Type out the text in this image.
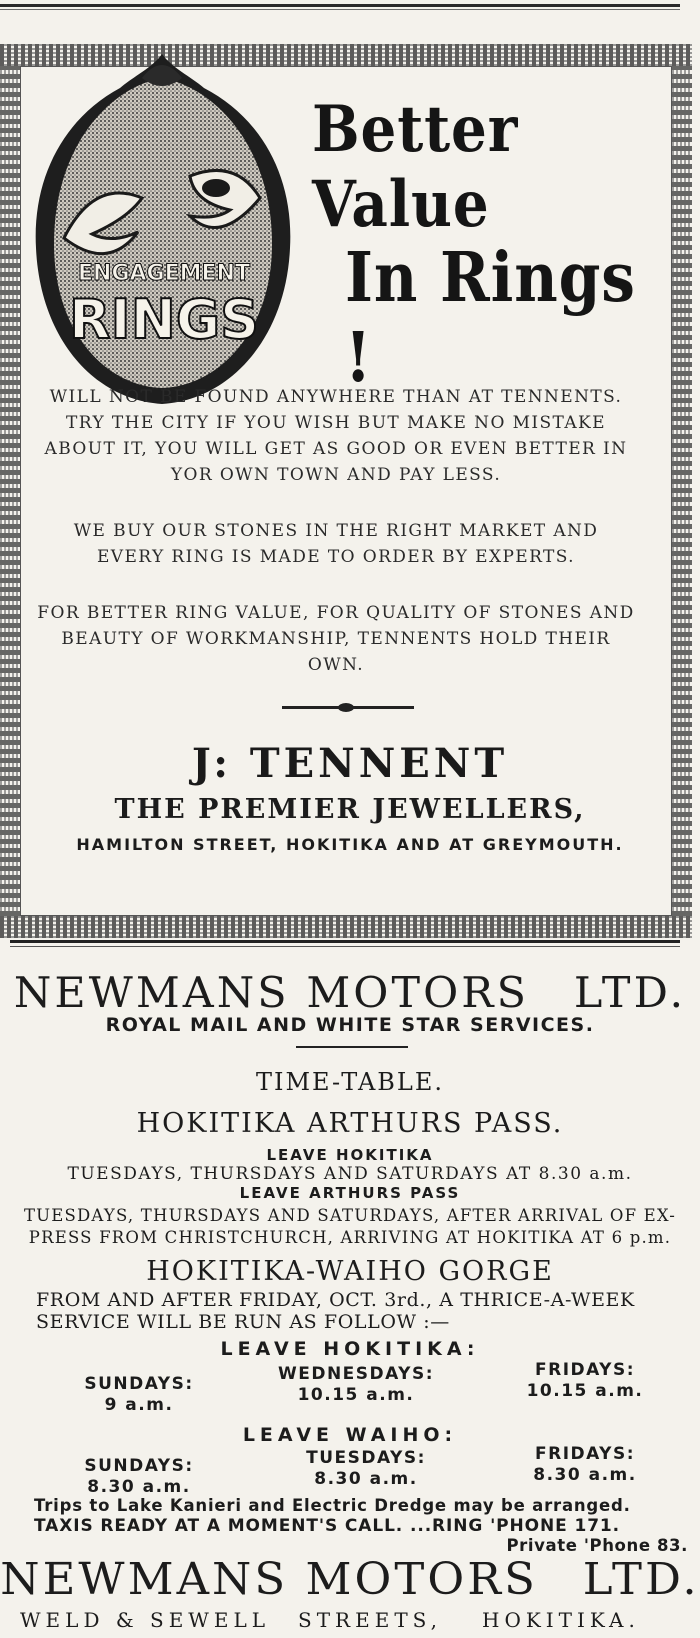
ENGAGEMENT
RINGS
Better Value
In Rings !
WILL NOT BE FOUND ANYWHERE THAN AT TENNENTS.
TRY THE CITY IF YOU WISH BUT MAKE NO MISTAKE
ABOUT IT, YOU WILL GET AS GOOD OR EVEN BETTER IN
YOR OWN TOWN AND PAY LESS.
WE BUY OUR STONES IN THE RIGHT MARKET AND
EVERY RING IS MADE TO ORDER BY EXPERTS.
FOR BETTER RING VALUE, FOR QUALITY OF STONES AND
BEAUTY OF WORKMANSHIP, TENNENTS HOLD THEIR OWN.
J: TENNENT
THE PREMIER JEWELLERS,
HAMILTON STREET, HOKITIKA AND AT GREYMOUTH.
NEWMANS MOTORS LTD.
ROYAL MAIL AND WHITE STAR SERVICES.
TIME-TABLE.
HOKITIKA ARTHURS PASS.
LEAVE HOKITIKA
TUESDAYS, THURSDAYS AND SATURDAYS AT 8.30 a.m.
LEAVE ARTHURS PASS
TUESDAYS, THURSDAYS AND SATURDAYS, AFTER ARRIVAL OF EX-
PRESS FROM CHRISTCHURCH, ARRIVING AT HOKITIKA AT 6 p.m.
HOKITIKA-WAIHO GORGE
FROM AND AFTER FRIDAY, OCT. 3rd., A THRICE-A-WEEK
SERVICE WILL BE RUN AS FOLLOW :—
LEAVE HOKITIKA:
SUNDAYS:
9 a.m.
WEDNESDAYS:
10.15 a.m.
FRIDAYS:
10.15 a.m.
LEAVE WAIHO:
SUNDAYS:
8.30 a.m.
TUESDAYS:
8.30 a.m.
FRIDAYS:
8.30 a.m.
Trips to Lake Kanieri and Electric Dredge may be arranged.
TAXIS READY AT A MOMENT'S CALL. ...RING 'PHONE 171.
Private 'Phone 83.
NEWMANS MOTORS LTD.
WELD & SEWELL STREETS, HOKITIKA.
